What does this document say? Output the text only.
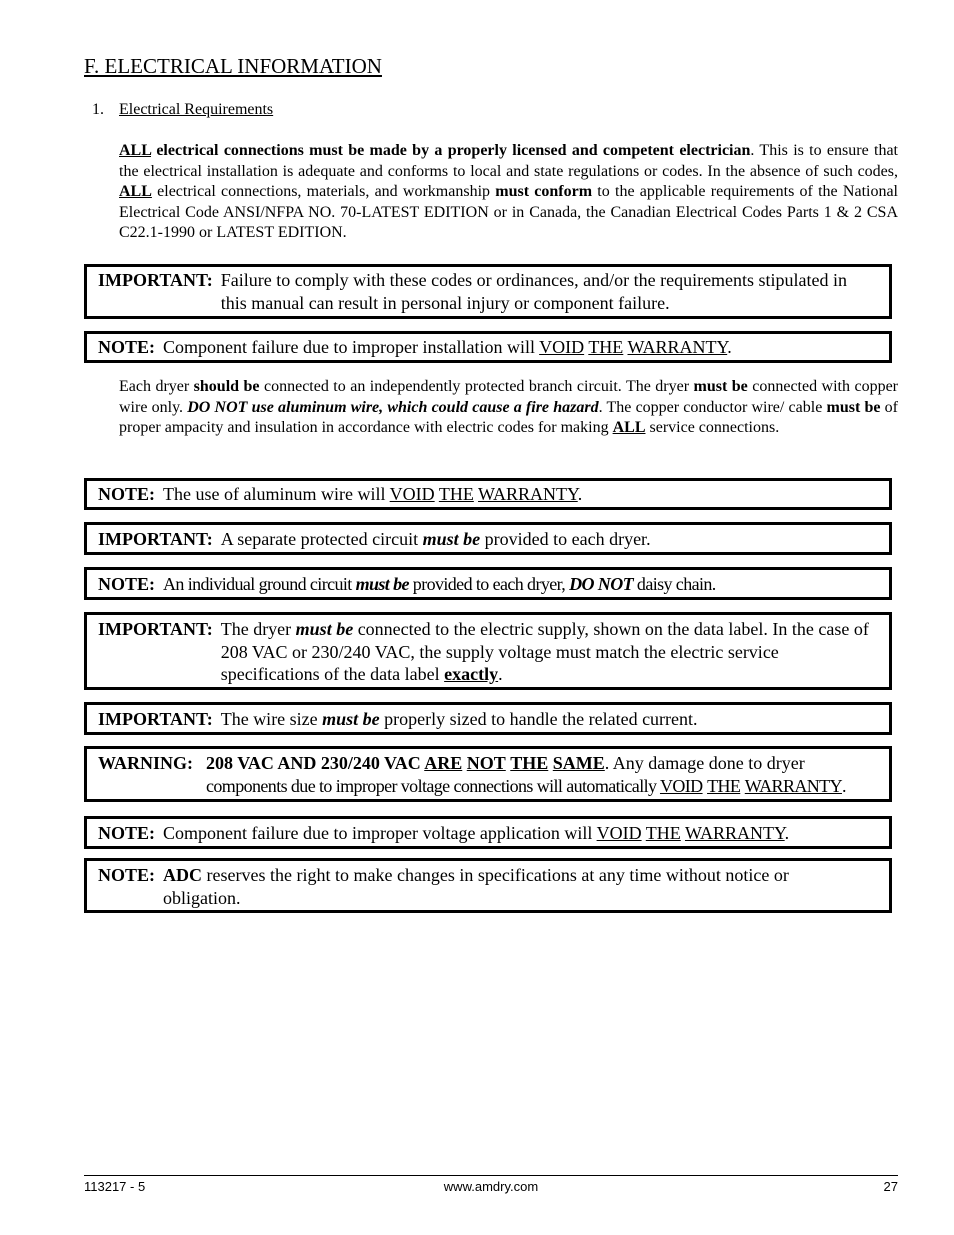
F. ELECTRICAL INFORMATION
1. Electrical Requirements
ALL electrical connections must be made by a properly licensed and competent electrician. This is to ensure that the electrical installation is adequate and conforms to local and state regulations or codes. In the absence of such codes, ALL electrical connections, materials, and workmanship must conform to the applicable requirements of the National Electrical Code ANSI/NFPA NO. 70-LATEST EDITION or in Canada, the Canadian Electrical Codes Parts 1 & 2 CSA C22.1-1990 or LATEST EDITION.
IMPORTANT: Failure to comply with these codes or ordinances, and/or the requirements stipulated in this manual can result in personal injury or component failure.
NOTE: Component failure due to improper installation will VOID THE WARRANTY.
Each dryer should be connected to an independently protected branch circuit. The dryer must be connected with copper wire only. DO NOT use aluminum wire, which could cause a fire hazard. The copper conductor wire/ cable must be of proper ampacity and insulation in accordance with electric codes for making ALL service connections.
NOTE: The use of aluminum wire will VOID THE WARRANTY.
IMPORTANT: A separate protected circuit must be provided to each dryer.
NOTE: An individual ground circuit must be provided to each dryer, DO NOT daisy chain.
IMPORTANT: The dryer must be connected to the electric supply, shown on the data label. In the case of 208 VAC or 230/240 VAC, the supply voltage must match the electric service specifications of the data label exactly.
IMPORTANT: The wire size must be properly sized to handle the related current.
WARNING: 208 VAC AND 230/240 VAC ARE NOT THE SAME. Any damage done to dryer components due to improper voltage connections will automatically VOID THE WARRANTY.
NOTE: Component failure due to improper voltage application will VOID THE WARRANTY.
NOTE: ADC reserves the right to make changes in specifications at any time without notice or obligation.
113217 - 5	www.amdry.com	27
